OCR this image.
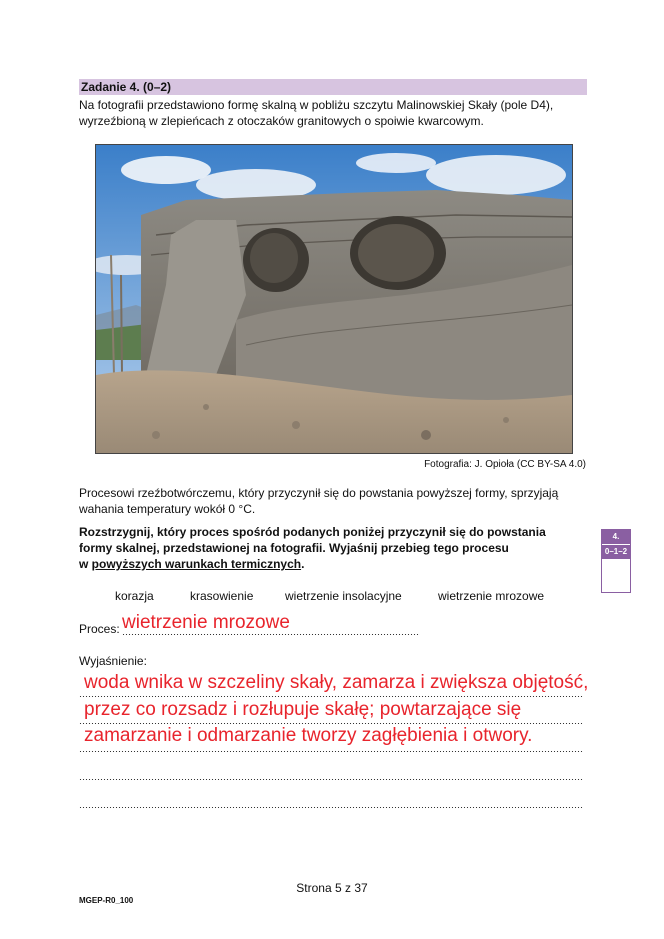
Zadanie 4. (0–2)
Na fotografii przedstawiono formę skalną w pobliżu szczytu Malinowskiej Skały (pole D4),
wyrzeźbioną w zlepieńcach z otoczaków granitowych o spoiwie kwarcowym.
Fotografia: J. Opioła (CC BY-SA 4.0)
Procesowi rzeźbotwórczemu, który przyczynił się do powstania powyższej formy, sprzyjają
wahania temperatury wokół 0 °C.
Rozstrzygnij, który proces spośród podanych poniżej przyczynił się do powstania
formy skalnej, przedstawionej na fotografii. Wyjaśnij przebieg tego procesu
w powyższych warunkach termicznych.
4.
0–1–2
korazja	krasowienie	wietrzenie insolacyjne	wietrzenie mrozowe
Proces: wietrzenie mrozowe
Wyjaśnienie:
woda wnika w szczeliny skały, zamarza i zwiększa objętość,
przez co rozsadz i rozłupuje skałę; powtarzające się
zamarzanie i odmarzanie tworzy zagłębienia i otwory.
Strona 5 z 37
MGEP-R0_100
